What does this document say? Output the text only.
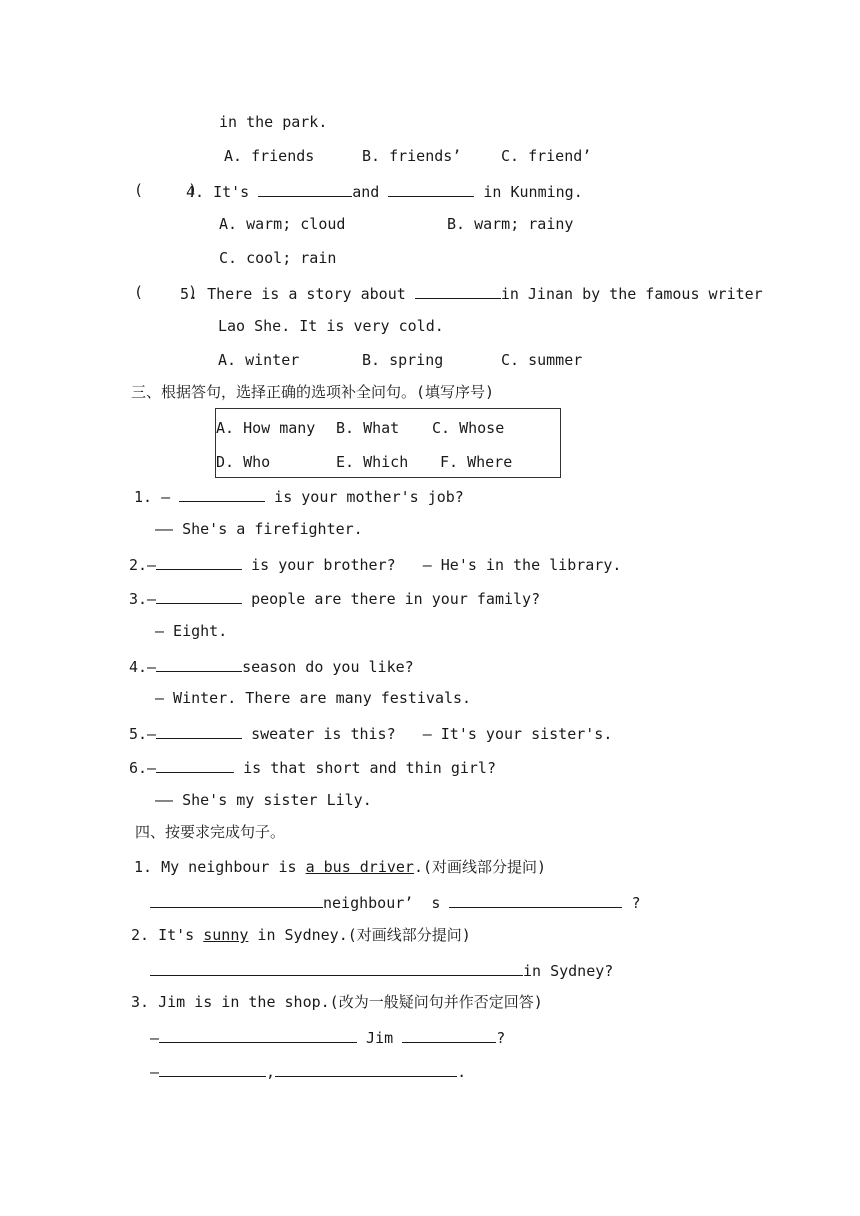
in the park.
A. friends	B. friends’	C. friend’
(     )
4. It's	and	in Kunming.
A. warm; cloud	B. warm; rainy
C. cool; rain
(     )
5. There is a story about	in Jinan by the famous writer
Lao She. It is very cold.
A. winter	B. spring	C. summer
三、根据答句，选择正确的选项补全问句。(填写序号)
A. How many B. What C. Whose
D. Who	E. Which F. Where
1. —	is your mother's job?
—— She's a firefighter.
2.—	is your brother?   — He's in the library.
3.—	people are there in your family?
— Eight.
4.—	season do you like?
— Winter. There are many festivals.
5.—	sweater is this?   — It's your sister's.
6.—	is that short and thin girl?
—— She's my sister Lily.
四、按要求完成句子。
1. My neighbour is a bus driver.(对画线部分提问)
neighbour’  s	?
2. It's sunny in Sydney.(对画线部分提问)
in Sydney?
3. Jim is in the shop.(改为一般疑问句并作否定回答)
—	Jim	?
—	,	.
